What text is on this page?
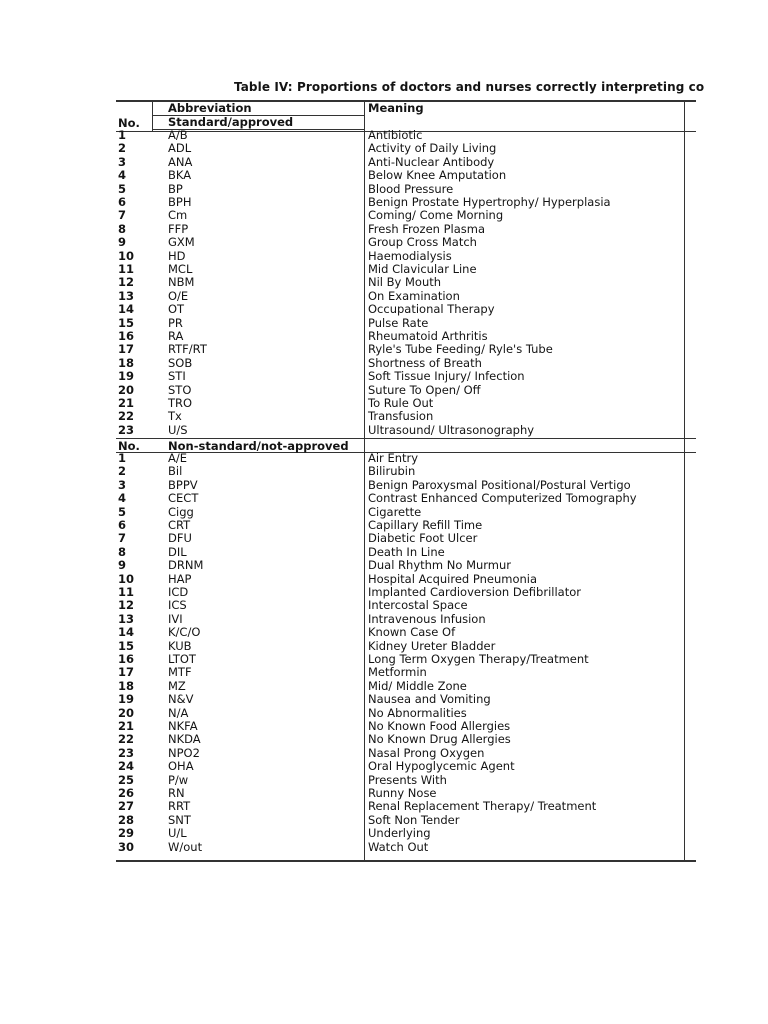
Table IV: Proportions of doctors and nurses correctly interpreting co
Abbreviation	Meaning
No. Standard/approved
1	A/B	Antibiotic
2	ADL	Activity of Daily Living
3	ANA	Anti-Nuclear Antibody
4	BKA	Below Knee Amputation
5	BP	Blood Pressure
6	BPH	Benign Prostate Hypertrophy/ Hyperplasia
7	Cm	Coming/ Come Morning
8	FFP	Fresh Frozen Plasma
9	GXM	Group Cross Match
10	HD	Haemodialysis
11	MCL	Mid Clavicular Line
12	NBM	Nil By Mouth
13	O/E	On Examination
14	OT	Occupational Therapy
15	PR	Pulse Rate
16	RA	Rheumatoid Arthritis
17	RTF/RT	Ryle's Tube Feeding/ Ryle's Tube
18	SOB	Shortness of Breath
19	STI	Soft Tissue Injury/ Infection
20	STO	Suture To Open/ Off
21	TRO	To Rule Out
22	Tx	Transfusion
23	U/S	Ultrasound/ Ultrasonography
No. Non-standard/not-approved
1	A/E	Air Entry
2	Bil	Bilirubin
3	BPPV	Benign Paroxysmal Positional/Postural Vertigo
4	CECT	Contrast Enhanced Computerized Tomography
5	Cigg	Cigarette
6	CRT	Capillary Refill Time
7	DFU	Diabetic Foot Ulcer
8	DIL	Death In Line
9	DRNM	Dual Rhythm No Murmur
10	HAP	Hospital Acquired Pneumonia
11	ICD	Implanted Cardioversion Defibrillator
12	ICS	Intercostal Space
13	IVI	Intravenous Infusion
14	K/C/O	Known Case Of
15	KUB	Kidney Ureter Bladder
16	LTOT	Long Term Oxygen Therapy/Treatment
17	MTF	Metformin
18	MZ	Mid/ Middle Zone
19	N&V	Nausea and Vomiting
20	N/A	No Abnormalities
21	NKFA	No Known Food Allergies
22	NKDA	No Known Drug Allergies
23	NPO2	Nasal Prong Oxygen
24	OHA	Oral Hypoglycemic Agent
25	P/w	Presents With
26	RN	Runny Nose
27	RRT	Renal Replacement Therapy/ Treatment
28	SNT	Soft Non Tender
29	U/L	Underlying
30	W/out	Watch Out
